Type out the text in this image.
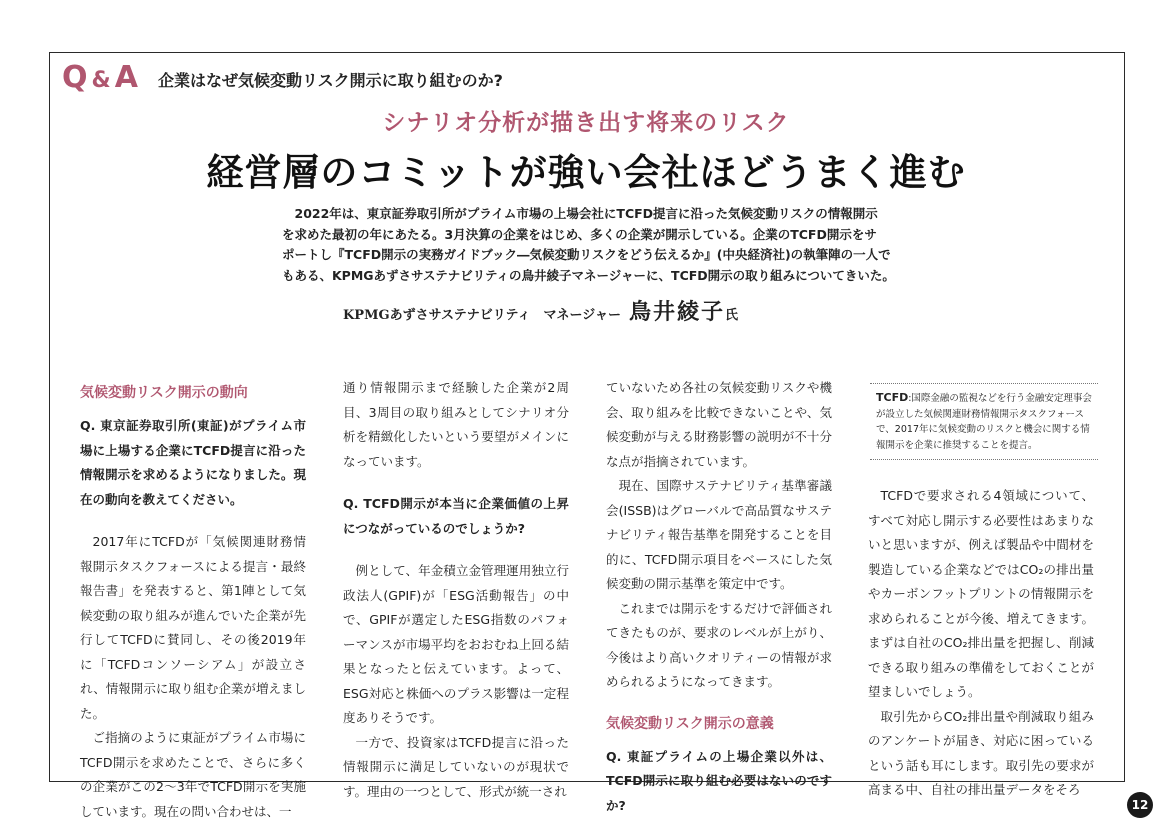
Q & A 企業はなぜ気候変動リスク開示に取り組むのか?
シナリオ分析が描き出す将来のリスク
経営層のコミットが強い会社ほどうまく進む
2022年は、東京証券取引所がプライム市場の上場会社にTCFD提言に沿った気候変動リスクの情報開示
を求めた最初の年にあたる。3月決算の企業をはじめ、多くの企業が開示している。企業のTCFD開示をサ
ポートし『TCFD開示の実務ガイドブック―気候変動リスクをどう伝えるか』(中央経済社)の執筆陣の一人で
もある、KPMGあずさサステナビリティの鳥井綾子マネージャーに、TCFD開示の取り組みについてきいた。
KPMGあずさサステナビリティ　マネージャー 鳥井綾子氏

気候変動リスク開示の動向

Q. 東京証券取引所(東証)がプライム市場に上場する企業にTCFD提言に沿った情報開示を求めるようになりました。現在の動向を教えてください。

2017年にTCFDが「気候関連財務情報開示タスクフォースによる提言・最終報告書」を発表すると、第1陣として気候変動の取り組みが進んでいた企業が先行してTCFDに賛同し、その後2019年に「TCFDコンソーシアム」が設立され、情報開示に取り組む企業が増えました。

ご指摘のように東証がプライム市場にTCFD開示を求めたことで、さらに多くの企業がこの2～3年でTCFD開示を実施しています。現在の問い合わせは、一

通り情報開示まで経験した企業が2周目、3周目の取り組みとしてシナリオ分析を精緻化したいという要望がメインになっています。

Q. TCFD開示が本当に企業価値の上昇につながっているのでしょうか?

例として、年金積立金管理運用独立行政法人(GPIF)が「ESG活動報告」の中で、GPIFが選定したESG指数のパフォーマンスが市場平均をおおむね上回る結果となったと伝えています。よって、ESG対応と株価へのプラス影響は一定程度ありそうです。

一方で、投資家はTCFD提言に沿った情報開示に満足していないのが現状です。理由の一つとして、形式が統一され

ていないため各社の気候変動リスクや機会、取り組みを比較できないことや、気候変動が与える財務影響の説明が不十分な点が指摘されています。

現在、国際サステナビリティ基準審議会(ISSB)はグローバルで高品質なサステナビリティ報告基準を開発することを目的に、TCFD開示項目をベースにした気候変動の開示基準を策定中です。

これまでは開示をするだけで評価されてきたものが、要求のレベルが上がり、今後はより高いクオリティーの情報が求められるようになってきます。

気候変動リスク開示の意義

Q. 東証プライムの上場企業以外は、TCFD開示に取り組む必要はないのですか?

TCFD:国際金融の監視などを行う金融安定理事会が設立した気候関連財務情報開示タスクフォースで、2017年に気候変動のリスクと機会に関する情報開示を企業に推奨することを提言。

TCFDで要求される4領域について、すべて対応し開示する必要性はあまりないと思いますが、例えば製品や中間材を製造している企業などではCO₂の排出量やカーボンフットプリントの情報開示を求められることが今後、増えてきます。まずは自社のCO₂排出量を把握し、削減できる取り組みの準備をしておくことが望ましいでしょう。

取引先からCO₂排出量や削減取り組みのアンケートが届き、対応に困っているという話も耳にします。取引先の要求が高まる中、自社の排出量データをそろ

12
